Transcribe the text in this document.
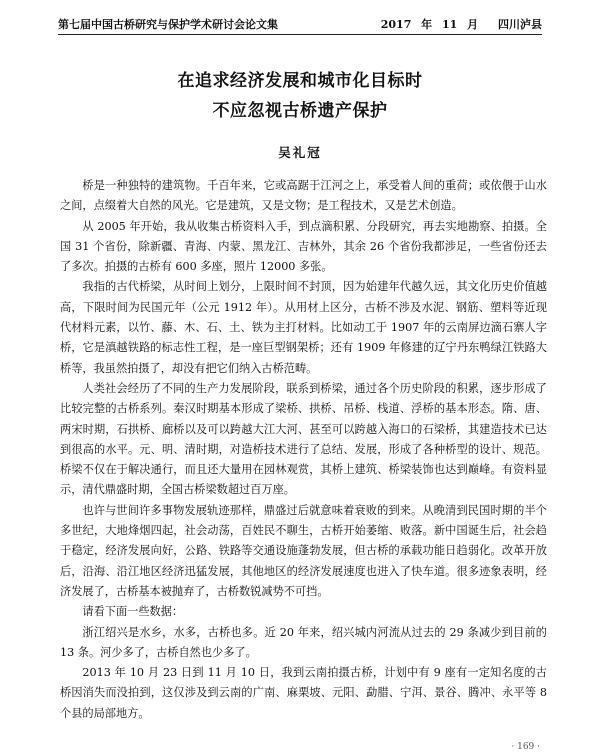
第七届中国古桥研究与保护学术研讨会论文集	2017 年 11 月 四川泸县
在追求经济发展和城市化目标时
不应忽视古桥遗产保护
吴礼冠

桥是一种独特的建筑物。千百年来，它或高踞于江河之上，承受着人间的重荷；或依偎于山水之间，点缀着大自然的风光。它是建筑，又是文物；是工程技术，又是艺术创造。

从 2005 年开始，我从收集古桥资料入手，到点滴积累、分段研究，再去实地勘察、拍摄。全国 31 个省份，除新疆、青海、内蒙、黑龙江、吉林外，其余 26 个省份我都涉足，一些省份还去了多次。拍摄的古桥有 600 多座，照片 12000 多张。

我指的古代桥梁，从时间上划分，上限时间不封顶，因为始建年代越久远，其文化历史价值越高，下限时间为民国元年（公元 1912 年）。从用材上区分，古桥不涉及水泥、钢筋、塑料等近现代材料元素，以竹、藤、木、石、土、铁为主打材料。比如动工于 1907 年的云南屏边滴石寨人字桥，它是滇越铁路的标志性工程，是一座巨型钢架桥；还有 1909 年修建的辽宁丹东鸭绿江铁路大桥等，我虽然拍摄了，却没有把它们纳入古桥范畴。

人类社会经历了不同的生产力发展阶段，联系到桥梁，通过各个历史阶段的积累，逐步形成了比较完整的古桥系列。秦汉时期基本形成了梁桥、拱桥、吊桥、栈道、浮桥的基本形态。隋、唐、两宋时期，石拱桥、廊桥以及可以跨越大江大河、甚至可以跨越入海口的石梁桥，其建造技术已达到很高的水平。元、明、清时期，对造桥技术进行了总结、发展，形成了各种桥型的设计、规范。桥梁不仅在于解决通行，而且还大量用在园林观赏，其桥上建筑、桥梁装饰也达到巅峰。有资料显示，清代鼎盛时期，全国古桥梁数超过百万座。

也许与世间许多事物发展轨迹那样，鼎盛过后就意味着衰败的到来。从晚清到民国时期的半个多世纪，大地烽烟四起，社会动荡，百姓民不聊生，古桥开始萎缩、败落。新中国诞生后，社会趋于稳定，经济发展向好，公路、铁路等交通设施蓬勃发展，但古桥的承载功能日趋弱化。改革开放后，沿海、沿江地区经济迅猛发展，其他地区的经济发展速度也进入了快车道。很多迹象表明，经济发展了，古桥基本被抛弃了，古桥数锐减势不可挡。

请看下面一些数据：

浙江绍兴是水乡，水多，古桥也多。近 20 年来，绍兴城内河流从过去的 29 条减少到目前的 13 条。河少多了，古桥自然也少多了。

2013 年 10 月 23 日到 11 月 10 日，我到云南拍摄古桥，计划中有 9 座有一定知名度的古桥因消失而没拍到，这仅涉及到云南的广南、麻栗坡、元阳、勐腊、宁洱、景谷、腾冲、永平等 8 个县的局部地方。

· 169 ·
